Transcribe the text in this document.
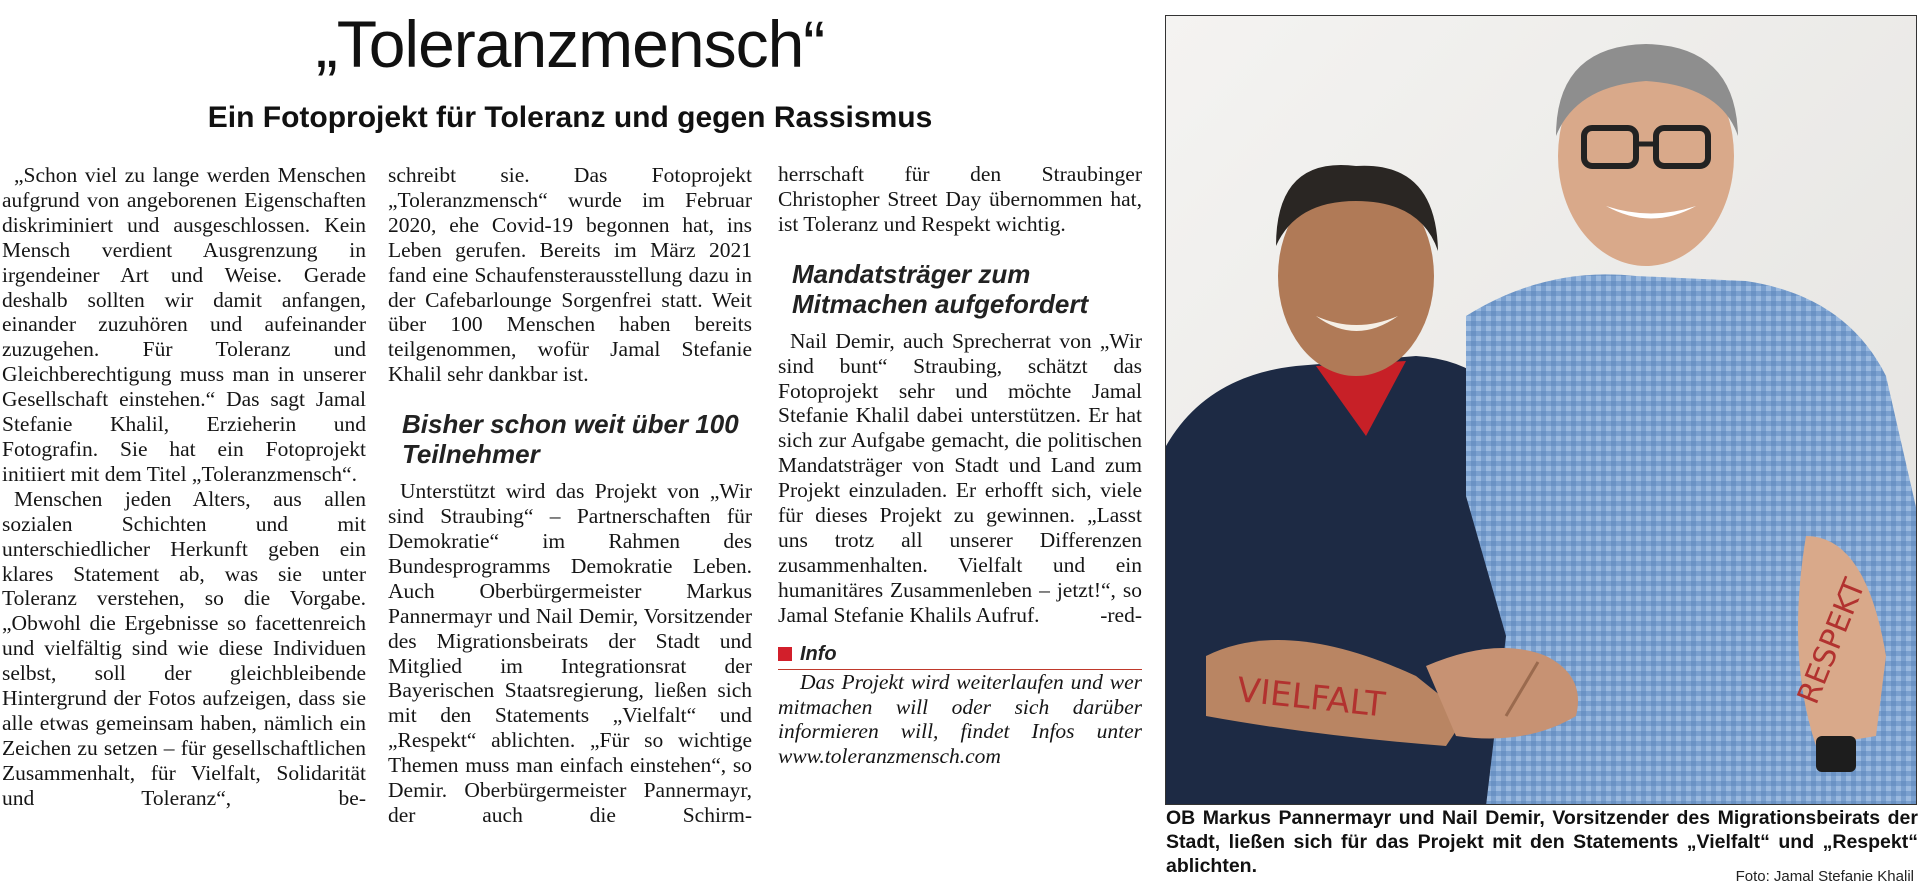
„Toleranzmensch“
Ein Fotoprojekt für Toleranz und gegen Rassismus

„Schon viel zu lange werden Menschen aufgrund von angeborenen Eigenschaften diskriminiert und ausgeschlossen. Kein Mensch verdient Ausgrenzung in irgendeiner Art und Weise. Gerade deshalb sollten wir damit anfangen, einander zuzuhören und aufeinander zuzugehen. Für Toleranz und Gleichberechtigung muss man in unserer Gesellschaft einstehen.“ Das sagt Jamal Stefanie Khalil, Erzieherin und Fotografin. Sie hat ein Fotoprojekt initiiert mit dem Titel „Toleranzmensch“.

Menschen jeden Alters, aus allen sozialen Schichten und mit unterschiedlicher Herkunft geben ein klares Statement ab, was sie unter Toleranz verstehen, so die Vorgabe. „Obwohl die Ergebnisse so facettenreich und vielfältig sind wie diese Individuen selbst, soll der gleichbleibende Hintergrund der Fotos aufzeigen, dass sie alle etwas gemeinsam haben, nämlich ein Zeichen zu setzen – für gesellschaftlichen Zusammenhalt, für Vielfalt, Solidarität und Toleranz“, be-

schreibt sie. Das Fotoprojekt „Toleranzmensch“ wurde im Februar 2020, ehe Covid-19 begonnen hat, ins Leben gerufen. Bereits im März 2021 fand eine Schaufensterausstellung dazu in der Cafebarlounge Sorgenfrei statt. Weit über 100 Menschen haben bereits teilgenommen, wofür Jamal Stefanie Khalil sehr dankbar ist.

Bisher schon weit über 100 Teilnehmer

Unterstützt wird das Projekt von „Wir sind Straubing“ – Partnerschaften für Demokratie“ im Rahmen des Bundesprogramms Demokratie Leben. Auch Oberbürgermeister Markus Pannermayr und Nail Demir, Vorsitzender des Migrationsbeirats der Stadt und Mitglied im Integrationsrat der Bayerischen Staatsregierung, ließen sich mit den Statements „Vielfalt“ und „Respekt“ ablichten. „Für so wichtige Themen muss man einfach einstehen“, so Demir. Oberbürgermeister Pannermayr, der auch die Schirm-

herrschaft für den Straubinger Christopher Street Day übernommen hat, ist Toleranz und Respekt wichtig.

Mandatsträger zum Mitmachen aufgefordert

Nail Demir, auch Sprecherrat von „Wir sind bunt“ Straubing, schätzt das Fotoprojekt sehr und möchte Jamal Stefanie Khalil dabei unterstützen. Er hat sich zur Aufgabe gemacht, die politischen Mandatsträger von Stadt und Land zum Projekt einzuladen. Er erhofft sich, viele für dieses Projekt zu gewinnen. „Lasst uns trotz all unserer Differenzen zusammenhalten. Vielfalt und ein humanitäres Zusammenleben – jetzt!“, so Jamal Stefanie Khalils Aufruf.	-red-

Info

Das Projekt wird weiterlaufen und wer mitmachen will oder sich darüber informieren will, findet Infos unter www.toleranzmensch.com

VIELFALT	RESPEKT
OB Markus Pannermayr und Nail Demir, Vorsitzender des Migrationsbeirats der Stadt, ließen sich für das Projekt mit den Statements „Vielfalt“ und „Respekt“ ablichten.	Foto: Jamal Stefanie Khalil
